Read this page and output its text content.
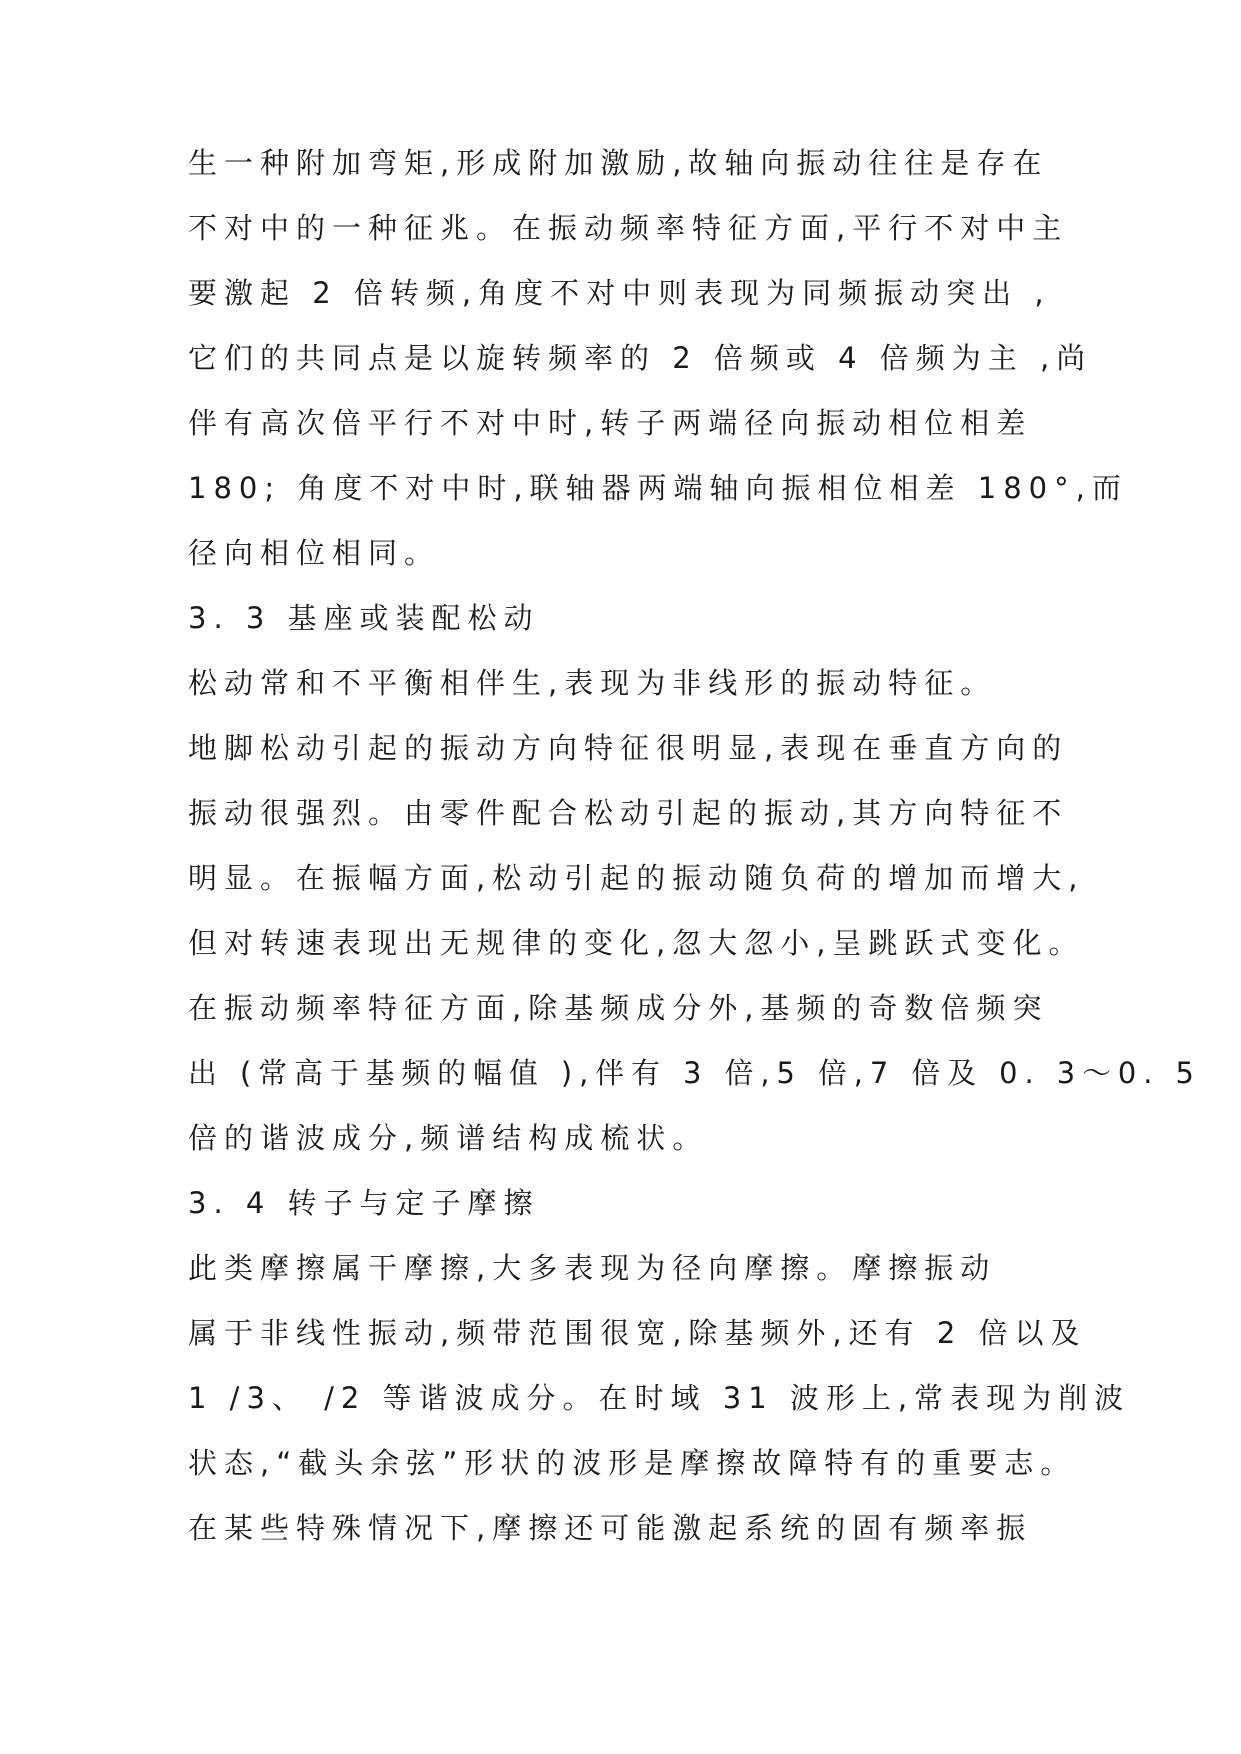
生一种附加弯矩,形成附加激励,故轴向振动往往是存在
不对中的一种征兆。在振动频率特征方面,平行不对中主
要激起 2 倍转频,角度不对中则表现为同频振动突出 ,
它们的共同点是以旋转频率的 2 倍频或 4 倍频为主 ,尚
伴有高次倍平行不对中时,转子两端径向振动相位相差
180; 角度不对中时,联轴器两端轴向振相位相差 180°,而
径向相位相同。
3. 3 基座或装配松动
松动常和不平衡相伴生,表现为非线形的振动特征。
地脚松动引起的振动方向特征很明显,表现在垂直方向的
振动很强烈。由零件配合松动引起的振动,其方向特征不
明显。在振幅方面,松动引起的振动随负荷的增加而增大,
但对转速表现出无规律的变化,忽大忽小,呈跳跃式变化。
在振动频率特征方面,除基频成分外,基频的奇数倍频突
出 (常高于基频的幅值 ),伴有 3 倍,5 倍,7 倍及 0. 3～0. 5
倍的谐波成分,频谱结构成梳状。
3. 4 转子与定子摩擦
此类摩擦属干摩擦,大多表现为径向摩擦。摩擦振动
属于非线性振动,频带范围很宽,除基频外,还有 2 倍以及
1 /3、 /2 等谐波成分。在时域 31 波形上,常表现为削波
状态,“截头余弦”形状的波形是摩擦故障特有的重要志。
在某些特殊情况下,摩擦还可能激起系统的固有频率振
